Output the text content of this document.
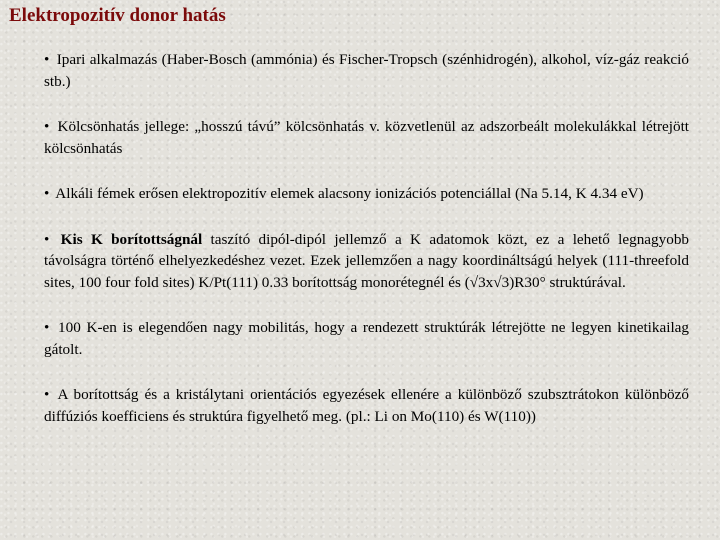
Elektropozitív donor hatás
• Ipari alkalmazás (Haber-Bosch (ammónia) és Fischer-Tropsch (szénhidrogén), alkohol, víz-gáz reakció stb.)
• Kölcsönhatás jellege: „hosszú távú” kölcsönhatás v. közvetlenül az adszorbeált molekulákkal létrejött kölcsönhatás
• Alkáli fémek erősen elektropozitív elemek alacsony ionizációs potenciállal (Na 5.14, K 4.34 eV)
• Kis K borítottságnál taszító dipól-dipól jellemző a K adatomok közt, ez a lehető legnagyobb távolságra történő elhelyezkedéshez vezet. Ezek jellemzően a nagy koordináltságú helyek (111-threefold sites, 100 four fold sites) K/Pt(111) 0.33 borítottság monorétegnél és (√3x√3)R30° struktúrával.
• 100 K-en is elegendően nagy mobilitás, hogy a rendezett struktúrák létrejötte ne legyen kinetikailag gátolt.
• A borítottság és a kristálytani orientációs egyezések ellenére a különböző szubsztrátokon különböző diffúziós koefficiens és struktúra figyelhető meg. (pl.: Li on Mo(110) és W(110))
